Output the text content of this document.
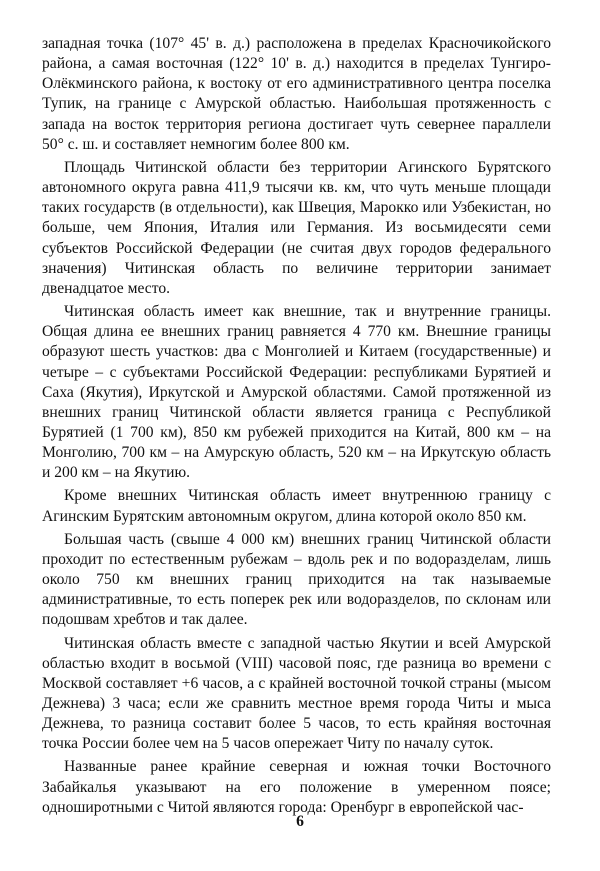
западная точка (107° 45' в. д.) расположена в пределах Красночикойского района, а самая восточная (122° 10' в. д.) находится в пределах Тунгиро-Олёкминского района, к востоку от его административного центра поселка Тупик, на границе с Амурской областью. Наибольшая протяженность с запада на восток территория региона достигает чуть севернее параллели 50° с. ш. и составляет немногим более 800 км.

Площадь Читинской области без территории Агинского Бурятского автономного округа равна 411,9 тысячи кв. км, что чуть меньше площади таких государств (в отдельности), как Швеция, Марокко или Узбекистан, но больше, чем Япония, Италия или Германия. Из восьмидесяти семи субъектов Российской Федерации (не считая двух городов федерального значения) Читинская область по величине территории занимает двенадцатое место.

Читинская область имеет как внешние, так и внутренние границы. Общая длина ее внешних границ равняется 4 770 км. Внешние границы образуют шесть участков: два с Монголией и Китаем (государственные) и четыре – с субъектами Российской Федерации: республиками Бурятией и Саха (Якутия), Иркутской и Амурской областями. Самой протяженной из внешних границ Читинской области является граница с Республикой Бурятией (1 700 км), 850 км рубежей приходится на Китай, 800 км – на Монголию, 700 км – на Амурскую область, 520 км – на Иркутскую область и 200 км – на Якутию.

Кроме внешних Читинская область имеет внутреннюю границу с Агинским Бурятским автономным округом, длина которой около 850 км.

Большая часть (свыше 4 000 км) внешних границ Читинской области проходит по естественным рубежам – вдоль рек и по водоразделам, лишь около 750 км внешних границ приходится на так называемые административные, то есть поперек рек или водоразделов, по склонам или подошвам хребтов и так далее.

Читинская область вместе с западной частью Якутии и всей Амурской областью входит в восьмой (VIII) часовой пояс, где разница во времени с Москвой составляет +6 часов, а с крайней восточной точкой страны (мысом Дежнева) 3 часа; если же сравнить местное время города Читы и мыса Дежнева, то разница составит более 5 часов, то есть крайняя восточная точка России более чем на 5 часов опережает Читу по началу суток.

Названные ранее крайние северная и южная точки Восточного Забайкалья указывают на его положение в умеренном поясе; одноширотными с Читой являются города: Оренбург в европейской час-

6
